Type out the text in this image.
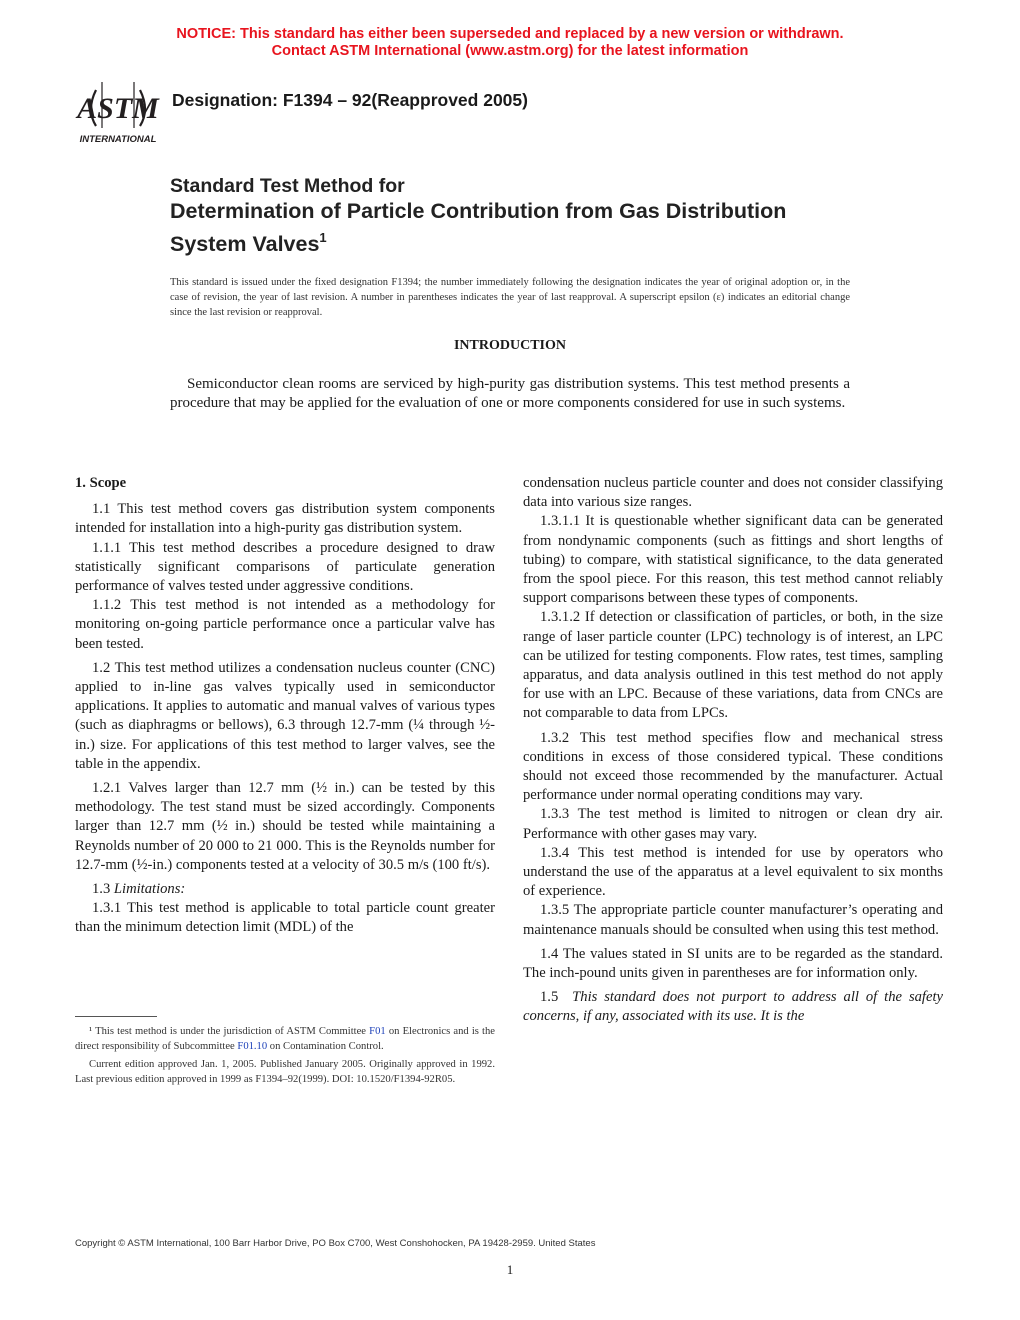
NOTICE: This standard has either been superseded and replaced by a new version or withdrawn.
Contact ASTM International (www.astm.org) for the latest information
ASTM
INTERNATIONAL
Designation: F1394 – 92(Reapproved 2005)
Standard Test Method for
Determination of Particle Contribution from Gas Distribution
System Valves$^1$
This standard is issued under the fixed designation F1394; the number immediately following the designation indicates the year of original adoption or, in the case of revision, the year of last revision. A number in parentheses indicates the year of last reapproval. A superscript epsilon (ε) indicates an editorial change since the last revision or reapproval.
INTRODUCTION

Semiconductor clean rooms are serviced by high-purity gas distribution systems. This test method presents a procedure that may be applied for the evaluation of one or more components considered for use in such systems.

1. Scope

1.1 This test method covers gas distribution system components intended for installation into a high-purity gas distribution system.

1.1.1 This test method describes a procedure designed to draw statistically significant comparisons of particulate generation performance of valves tested under aggressive conditions.

1.1.2 This test method is not intended as a methodology for monitoring on-going particle performance once a particular valve has been tested.

1.2 This test method utilizes a condensation nucleus counter (CNC) applied to in-line gas valves typically used in semiconductor applications. It applies to automatic and manual valves of various types (such as diaphragms or bellows), 6.3 through 12.7-mm (¼ through ½-in.) size. For applications of this test method to larger valves, see the table in the appendix.

1.2.1 Valves larger than 12.7 mm (½ in.) can be tested by this methodology. The test stand must be sized accordingly. Components larger than 12.7 mm (½ in.) should be tested while maintaining a Reynolds number of 20 000 to 21 000. This is the Reynolds number for 12.7-mm (½-in.) components tested at a velocity of 30.5 m/s (100 ft/s).

1.3 Limitations:

1.3.1 This test method is applicable to total particle count greater than the minimum detection limit (MDL) of the

condensation nucleus particle counter and does not consider classifying data into various size ranges.

1.3.1.1 It is questionable whether significant data can be generated from nondynamic components (such as fittings and short lengths of tubing) to compare, with statistical significance, to the data generated from the spool piece. For this reason, this test method cannot reliably support comparisons between these types of components.

1.3.1.2 If detection or classification of particles, or both, in the size range of laser particle counter (LPC) technology is of interest, an LPC can be utilized for testing components. Flow rates, test times, sampling apparatus, and data analysis outlined in this test method do not apply for use with an LPC. Because of these variations, data from CNCs are not comparable to data from LPCs.

1.3.2 This test method specifies flow and mechanical stress conditions in excess of those considered typical. These conditions should not exceed those recommended by the manufacturer. Actual performance under normal operating conditions may vary.

1.3.3 The test method is limited to nitrogen or clean dry air. Performance with other gases may vary.

1.3.4 This test method is intended for use by operators who understand the use of the apparatus at a level equivalent to six months of experience.

1.3.5 The appropriate particle counter manufacturer’s operating and maintenance manuals should be consulted when using this test method.

1.4 The values stated in SI units are to be regarded as the standard. The inch-pound units given in parentheses are for information only.

1.5 This standard does not purport to address all of the safety concerns, if any, associated with its use. It is the

¹ This test method is under the jurisdiction of ASTM Committee F01 on Electronics and is the direct responsibility of Subcommittee F01.10 on Contamination Control.

Current edition approved Jan. 1, 2005. Published January 2005. Originally approved in 1992. Last previous edition approved in 1999 as F1394–92(1999). DOI: 10.1520/F1394-92R05.

Copyright © ASTM International, 100 Barr Harbor Drive, PO Box C700, West Conshohocken, PA 19428-2959. United States
1
